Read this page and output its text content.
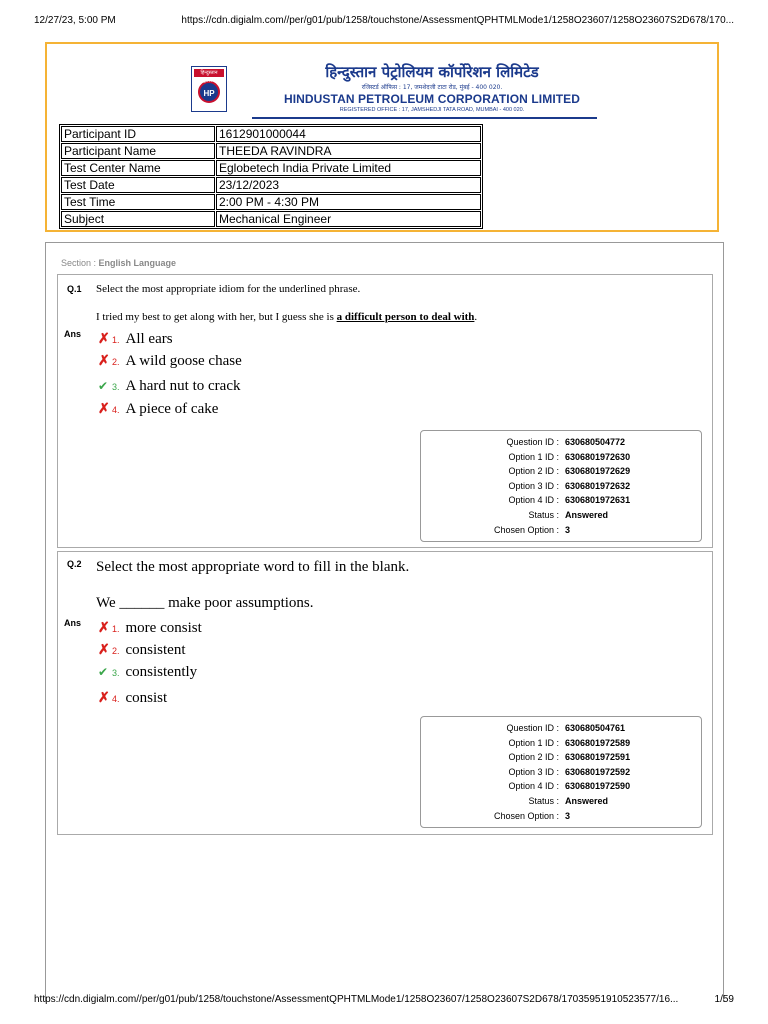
12/27/23, 5:00 PM	https://cdn.digialm.com//per/g01/pub/1258/touchstone/AssessmentQPHTMLMode1/1258O23607/1258O23607S2D678/170...
हिन्दुस्तान पेट्रोलियम
HP
हिन्दुस्तान पेट्रोलियम कॉर्पोरेशन लिमिटेड
रजिस्टर्ड ऑफिस : 17, जमशेदजी टाटा रोड, मुंबई - 400 020.
HINDUSTAN PETROLEUM CORPORATION LIMITED
REGISTERED OFFICE : 17, JAMSHEDJI TATA ROAD, MUMBAI - 400 020.
Participant ID	1612901000044
Participant Name	THEEDA RAVINDRA
Test Center Name	Eglobetech India Private Limited
Test Date	23/12/2023
Test Time	2:00 PM - 4:30 PM
Subject	Mechanical Engineer
Section : English Language
Q.1 Select the most appropriate idiom for the underlined phrase.
I tried my best to get along with her, but I guess she is a difficult person to deal with.
Ans ✗ 1. All ears
✗ 2. A wild goose chase
✔ 3. A hard nut to crack
✗ 4. A piece of cake
Question ID : 630680504772
Option 1 ID : 6306801972630
Option 2 ID : 6306801972629
Option 3 ID : 6306801972632
Option 4 ID : 6306801972631
Status : Answered
Chosen Option : 3
Q.2 Select the most appropriate word to fill in the blank.
We ______ make poor assumptions.
Ans ✗ 1. more consist
✗ 2. consistent
✔ 3. consistently
✗ 4. consist
Question ID : 630680504761
Option 1 ID : 6306801972589
Option 2 ID : 6306801972591
Option 3 ID : 6306801972592
Option 4 ID : 6306801972590
Status : Answered
Chosen Option : 3
https://cdn.digialm.com//per/g01/pub/1258/touchstone/AssessmentQPHTMLMode1/1258O23607/1258O23607S2D678/17035951910523577/16...	1/59
